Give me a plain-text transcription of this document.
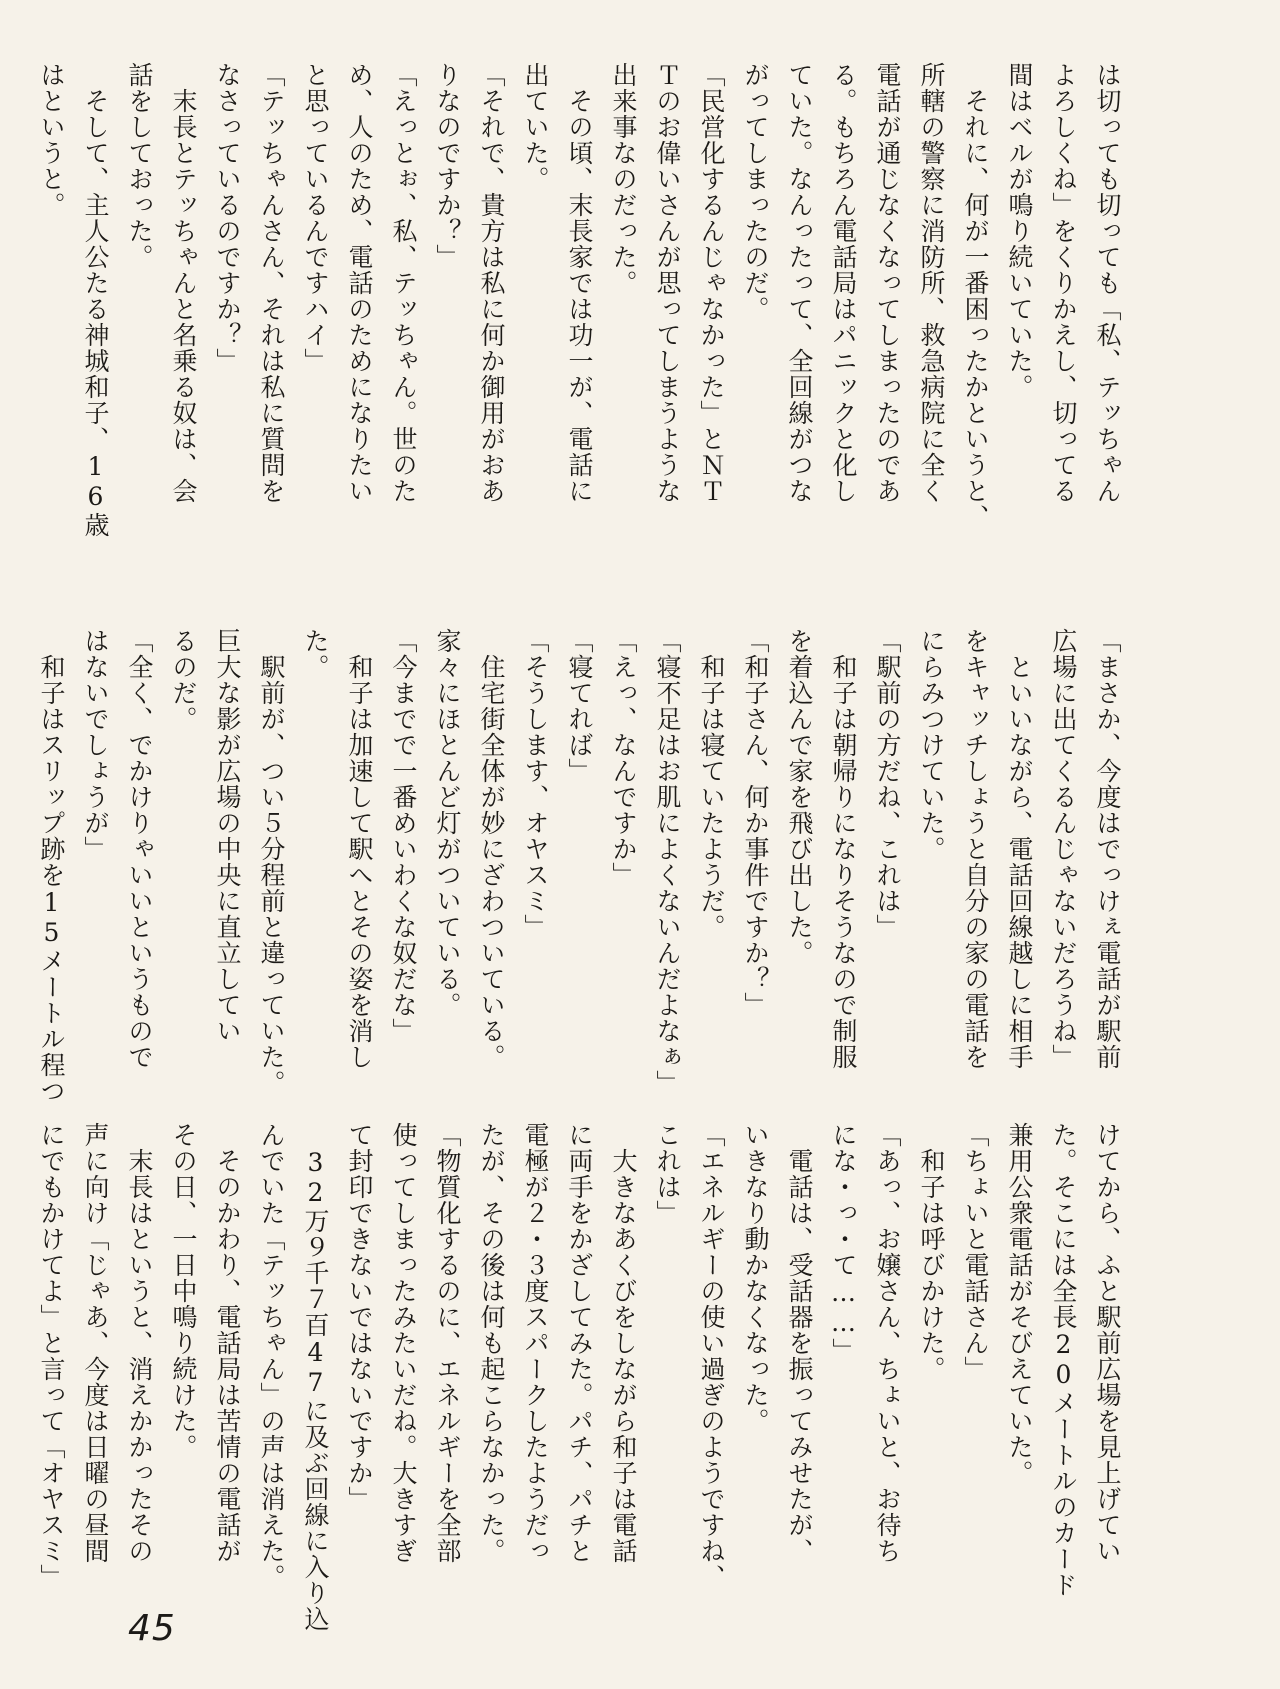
は切っても切っても「私、テッちゃん
よろしくね」をくりかえし、切ってる
間はベルが鳴り続いていた。
　それに、何が一番困ったかというと、
所轄の警察に消防所、救急病院に全く
電話が通じなくなってしまったのであ
る。もちろん電話局はパニックと化し
ていた。なんったって、全回線がつな
がってしまったのだ。
「民営化するんじゃなかった」とＮＴ
Ｔのお偉いさんが思ってしまうような
出来事なのだった。
　その頃、末長家では功一が、電話に
出ていた。
「それで、貴方は私に何か御用がおあ
りなのですか？」
「えっとぉ、私、テッちゃん。世のた
め、人のため、電話のためになりたい
と思っているんですハイ」
「テッちゃんさん、それは私に質問を
なさっているのですか？」
　末長とテッちゃんと名乗る奴は、会
話をしておった。
　そして、主人公たる神城和子、16歳
はというと。
「まさか、今度はでっけぇ電話が駅前
広場に出てくるんじゃないだろうね」
　といいながら、電話回線越しに相手
をキャッチしょうと自分の家の電話を
にらみつけていた。
「駅前の方だね、これは」
　和子は朝帰りになりそうなので制服
を着込んで家を飛び出した。
「和子さん、何か事件ですか？」
　和子は寝ていたようだ。
「寝不足はお肌によくないんだよなぁ」
「えっ、なんですか」
「寝てれば」
「そうします、オヤスミ」
　住宅街全体が妙にざわついている。
家々にほとんど灯がついている。
「今までで一番めいわくな奴だな」
　和子は加速して駅へとその姿を消し
た。
　駅前が、つい５分程前と違っていた。
巨大な影が広場の中央に直立してい
るのだ。
「全く、でかけりゃいいというもので
はないでしょうが」
　和子はスリップ跡を15メートル程つ
けてから、ふと駅前広場を見上げてい
た。そこには全長20メートルのカード
兼用公衆電話がそびえていた。
「ちょいと電話さん」
　和子は呼びかけた。
「あっ、お嬢さん、ちょいと、お待ち
にな・っ・て……」
　電話は、受話器を振ってみせたが、
いきなり動かなくなった。
「エネルギーの使い過ぎのようですね、
これは」
　大きなあくびをしながら和子は電話
に両手をかざしてみた。パチ、パチと
電極が２・３度スパークしたようだっ
たが、その後は何も起こらなかった。
「物質化するのに、エネルギーを全部
使ってしまったみたいだね。大きすぎ
て封印できないではないですか」
　32万９千７百47に及ぶ回線に入り込
んでいた「テッちゃん」の声は消えた。
　そのかわり、電話局は苦情の電話が
その日、一日中鳴り続けた。
　末長はというと、消えかかったその
声に向け「じゃあ、今度は日曜の昼間
にでもかけてよ」と言って「オヤスミ」
45
